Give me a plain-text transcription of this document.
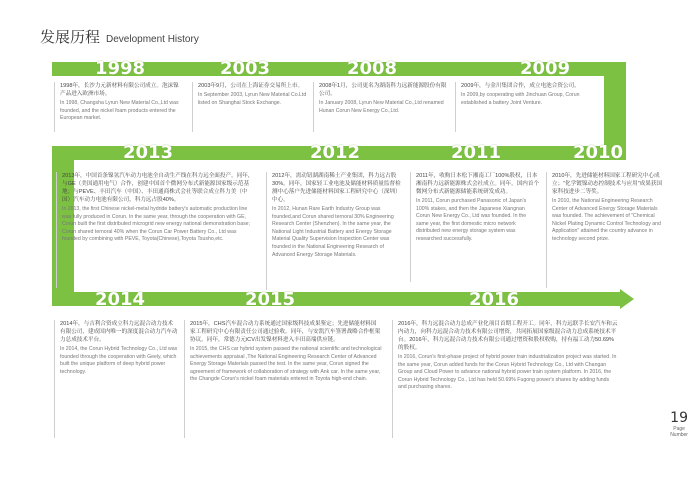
发展历程 Development History
1998	2003	2008	2009
1998年，长沙力元新材料有限公司成立。泡沫镍产品进入欧洲市场。
In 1998, Changsha Lyrun New Material Co.,Ltd was founded, and the nickel foam products entered the European market.
2003年9月，公司在上海证券交易所上市。
In September 2003, Lyrun New Material Co.Ltd listed on Shanghai Stock Exchange.
2008年1月，公司更名为湖南科力远新能源股份有限公司。
In January 2008, Lyrun New Material Co.,Ltd renamed Hunan Corun New Energy Co.,Ltd.
2009年，与金川集团合作，成立电池合资公司。
In 2009,by cooperating with Jinchuan Group, Corun established a battery Joint Venture.
2013	2012	2011	2010
2013年，中国首条镍氢汽车动力电池全自动生产线在科力远全面投产。同年，与GE（美国通用电气）合作，创建中国首个微网分布式新能源国家级示范基地；与PEVE、丰田汽车（中国）、丰田通商株式会社等联合成立科力美（中国）汽车动力电池有限公司，科力远占股40%。
In 2013, the first Chinese nickel-metal hydride battery's automatic production line was fully produced in Corun. In the same year, through the cooperation with GE, Corun built the first distributed microgrid new energy national demonstration base; Corun shared ternoral 40% when the Corun Car Power Battery Co., Ltd was founded by combining with PEVE, Toyota(Chinese),Toyota Tsusho,etc.
2012年，需动钮湖湖南稀土产业集团，科力远占股30%。同年，国家轻工业电池及储能材料质量监督检测中心落户先进储能材料国家工程研究中心（深圳）中心。
In 2012, Hunan Rare Earth Industry Group was founded,and Corun shared ternoral 30% Engineering Research Center (Shenzhen). In the same year, the National Light Industrial Battery and Energy Storage Material Quality Supervision Inspection Center was founded in the National Engineering Research of Advanced Energy Storage Materials.
2011年，收购日本松下湘南工厂100%股权，日本湘南科力远新能源株式会社成立。同年，国内首个微网分布式新能源储能系统研发成功。
In 2011, Corun purchased Panasonic of Japan's 100% stakes, and then the Japanese Xiangnan Corun New Energy Co., Ltd was founded. In the same year, the first domestic micro network distributed new energy storage system was researched successfully.
2010年，先进储能材料国家工程研究中心成立；“化学镀镍动态控制技术与应用”成果获国家科技进步二等奖。
In 2010, the National Engineering Research Center of Advanced Energy Storage Materials was founded. The achievement of "Chemical Nickel Plating Dynamic Control Technology and Application" attained the country advance in technology second prize.
2014	2015	2016
2014年，与吉利合资成立科力远混合动力技术有限公司，建成国内唯一的深度混合动力汽车动力总成技术平台。
In 2014, the Corun Hybrid Technology Co., Ltd was founded through the cooperation with Geely, which built the unique platform of deep hybrid power technology.
2015年，CHS汽车混合动力系统通过国家级科技成果鉴定；先进储能材料国家工程研究中心有限责任公司通过验收。同年，与安凯汽车签署战略合作框架协议。同年，常德力元iCV出发镍材料进入丰田高端供应链。
In 2015, the CHS car hybrid system passed the national scientific and technological achievements appraisal ,The National Engineering Research Center of Advanced Energy Storage Materials passed the test. In the same year, Corun signed the agreement of framework of collaboration of strategy with Ank car. In the same year, the Changde Corun's nickel foam materials entered in Toyota high-end chain.
2016年，科力远混合动力总成产业化项目首期工程开工。同年，科力远联手长安汽车和云内动力，向科力远混合动力技术有限公司增资，共同拓展国家级混合动力总成系统技术平台。2016年，科力远混合动力技术有限公司通过增资和股权收购，持有福工动力50.69%的股权。
In 2016, Corun's first-phase project of hybrid power train industrialization project was started. In the same year, Corun added funds for the Corun Hybrid Technology Co., Ltd with Changan Group and Cloud Power to advance national hybrid power train system platform. In 2016, the Corun Hybrid Technology Co., Ltd has held 50.69% Fugong power's shares by adding funds and purchasing shares.
19
Page
Number
